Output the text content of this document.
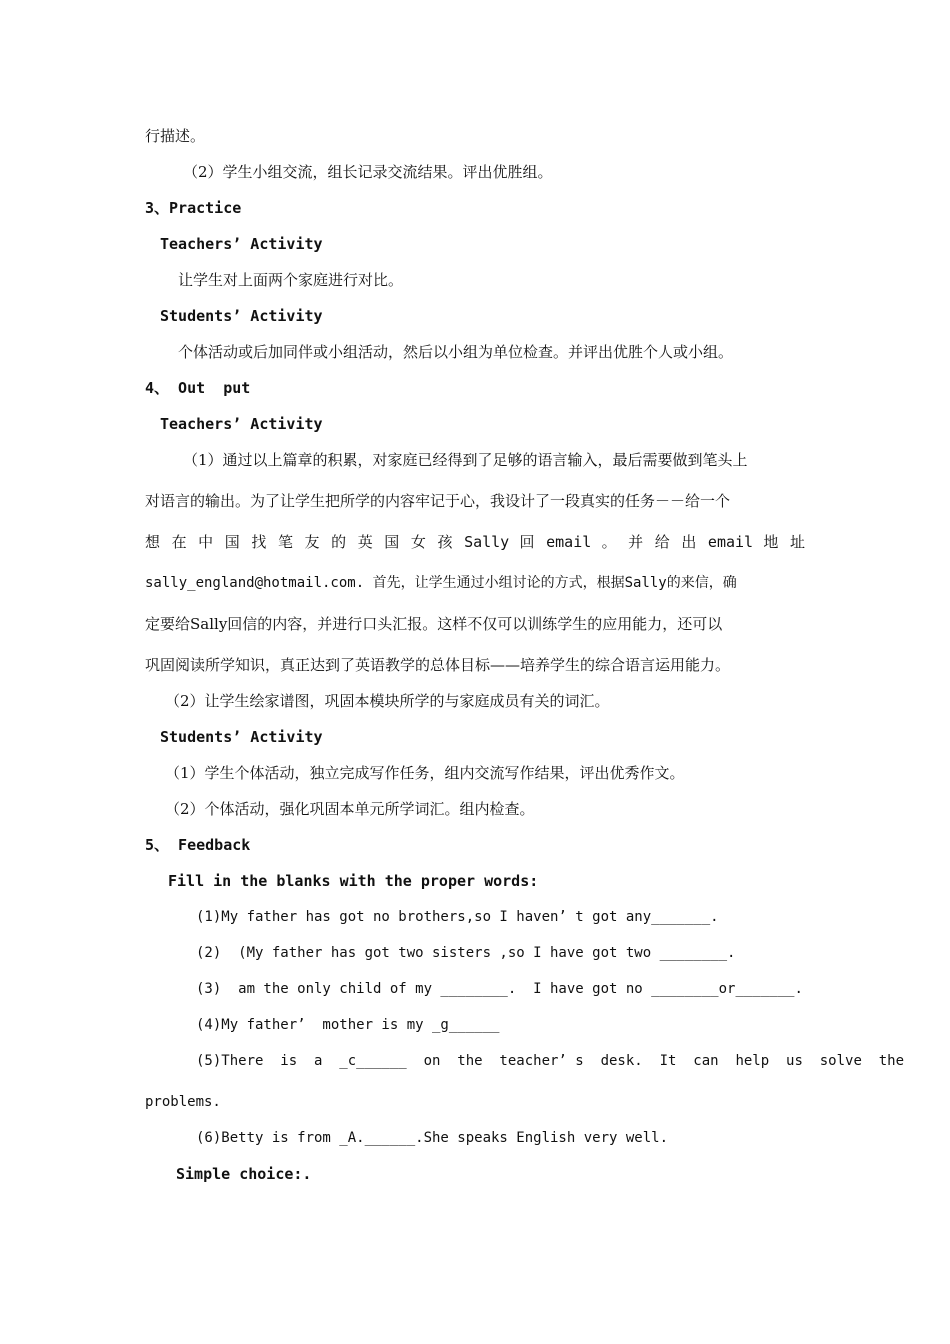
行描述。
（2）学生小组交流，组长记录交流结果。评出优胜组。
3、Practice
Teachers’ Activity
让学生对上面两个家庭进行对比。
Students’ Activity
个体活动或后加同伴或小组活动，然后以小组为单位检查。并评出优胜个人或小组。
4、 Out  put
Teachers’ Activity
（1）通过以上篇章的积累，对家庭已经得到了足够的语言输入，最后需要做到笔头上
对语言的输出。为了让学生把所学的内容牢记于心，我设计了一段真实的任务－－给一个
想 在 中 国 找 笔 友 的 英 国 女 孩 Sally 回 email 。 并 给 出 email 地 址
sally_england@hotmail.com. 首先，让学生通过小组讨论的方式，根据Sally的来信，确
定要给Sally回信的内容，并进行口头汇报。这样不仅可以训练学生的应用能力，还可以
巩固阅读所学知识，真正达到了英语教学的总体目标——培养学生的综合语言运用能力。
（2）让学生绘家谱图，巩固本模块所学的与家庭成员有关的词汇。
Students’ Activity
（1）学生个体活动，独立完成写作任务，组内交流写作结果，评出优秀作文。
（2）个体活动，强化巩固本单元所学词汇。组内检查。
5、 Feedback
Fill in the blanks with the proper words:
(1)My father has got no brothers,so I haven’ t got any_______.
(2)  (My father has got two sisters ,so I have got two ________.
(3)  am the only child of my ________.  I have got no ________or_______.
(4)My father’  mother is my _g______
(5)There  is  a  _c______  on  the  teacher’ s  desk.  It  can  help  us  solve  the
problems.
(6)Betty is from _A.______.She speaks English very well.
Simple choice:.
